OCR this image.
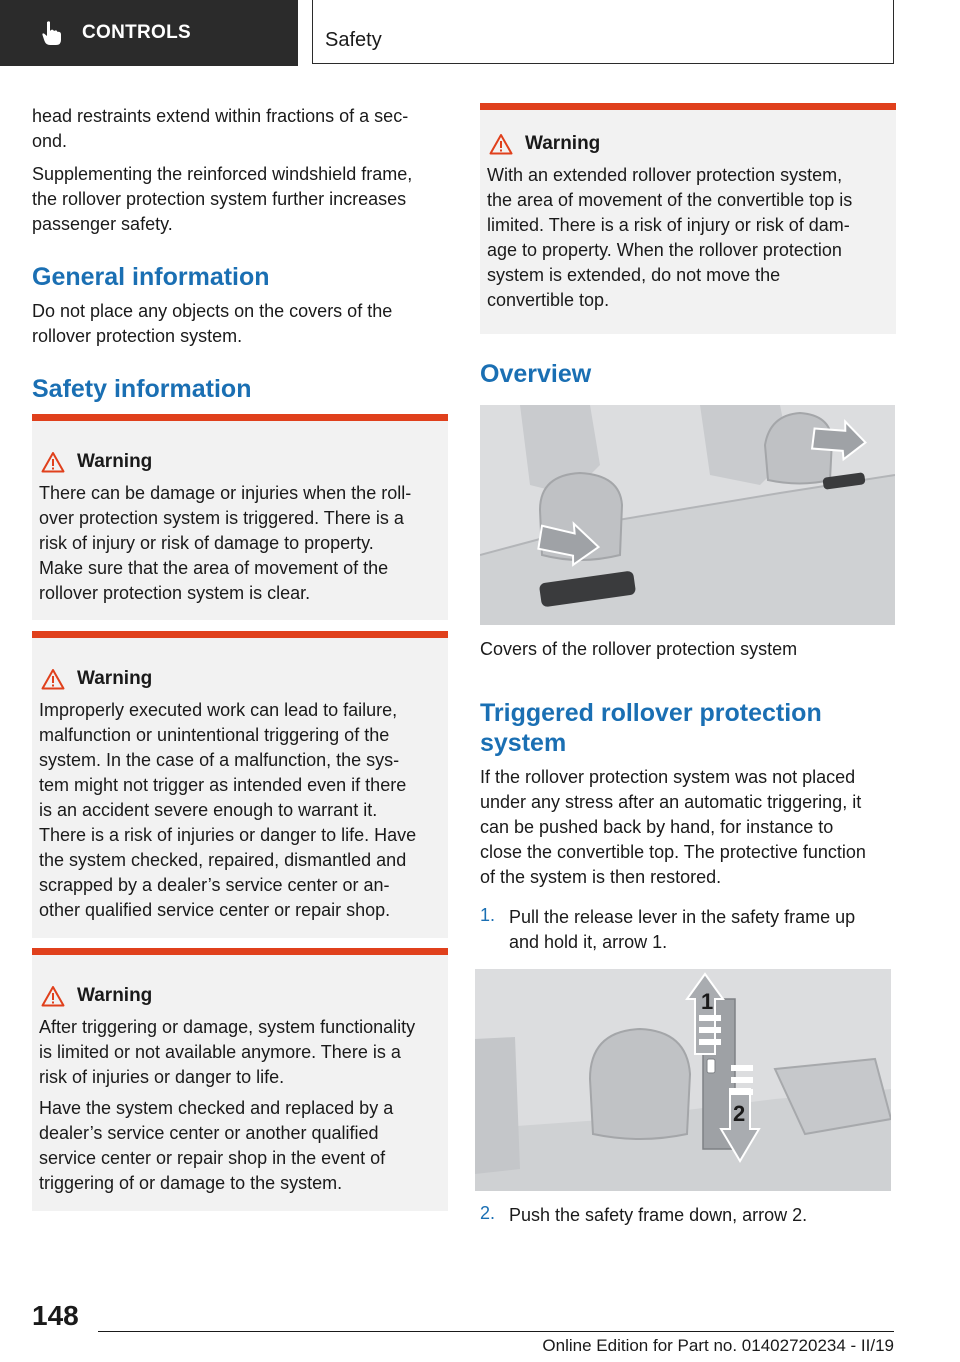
CONTROLS	Safety

head restraints extend within fractions of a sec-

ond.

Supplementing the reinforced windshield frame,

the rollover protection system further increases

passenger safety.

General information

Do not place any objects on the covers of the

rollover protection system.

Safety information
Warning

There can be damage or injuries when the roll-

over protection system is triggered. There is a

risk of injury or risk of damage to property.

Make sure that the area of movement of the

rollover protection system is clear.

Warning

Improperly executed work can lead to failure,

malfunction or unintentional triggering of the

system. In the case of a malfunction, the sys-

tem might not trigger as intended even if there

is an accident severe enough to warrant it.

There is a risk of injuries or danger to life. Have

the system checked, repaired, dismantled and

scrapped by a dealer’s service center or an-

other qualified service center or repair shop.

Warning

After triggering or damage, system functionality

is limited or not available anymore. There is a

risk of injuries or danger to life.

Have the system checked and replaced by a

dealer’s service center or another qualified

service center or repair shop in the event of

triggering of or damage to the system.

Warning

With an extended rollover protection system,

the area of movement of the convertible top is

limited. There is a risk of injury or risk of dam-

age to property. When the rollover protection

system is extended, do not move the

convertible top.

Overview

Covers of the rollover protection system

Triggered rollover protection
system

If the rollover protection system was not placed

under any stress after an automatic triggering, it

can be pushed back by hand, for instance to

close the convertible top. The protective function

of the system is then restored.

1. Pull the release lever in the safety frame up

and hold it, arrow 1.

1
2
2. Push the safety frame down, arrow 2.

148
Online Edition for Part no. 01402720234 - II/19
